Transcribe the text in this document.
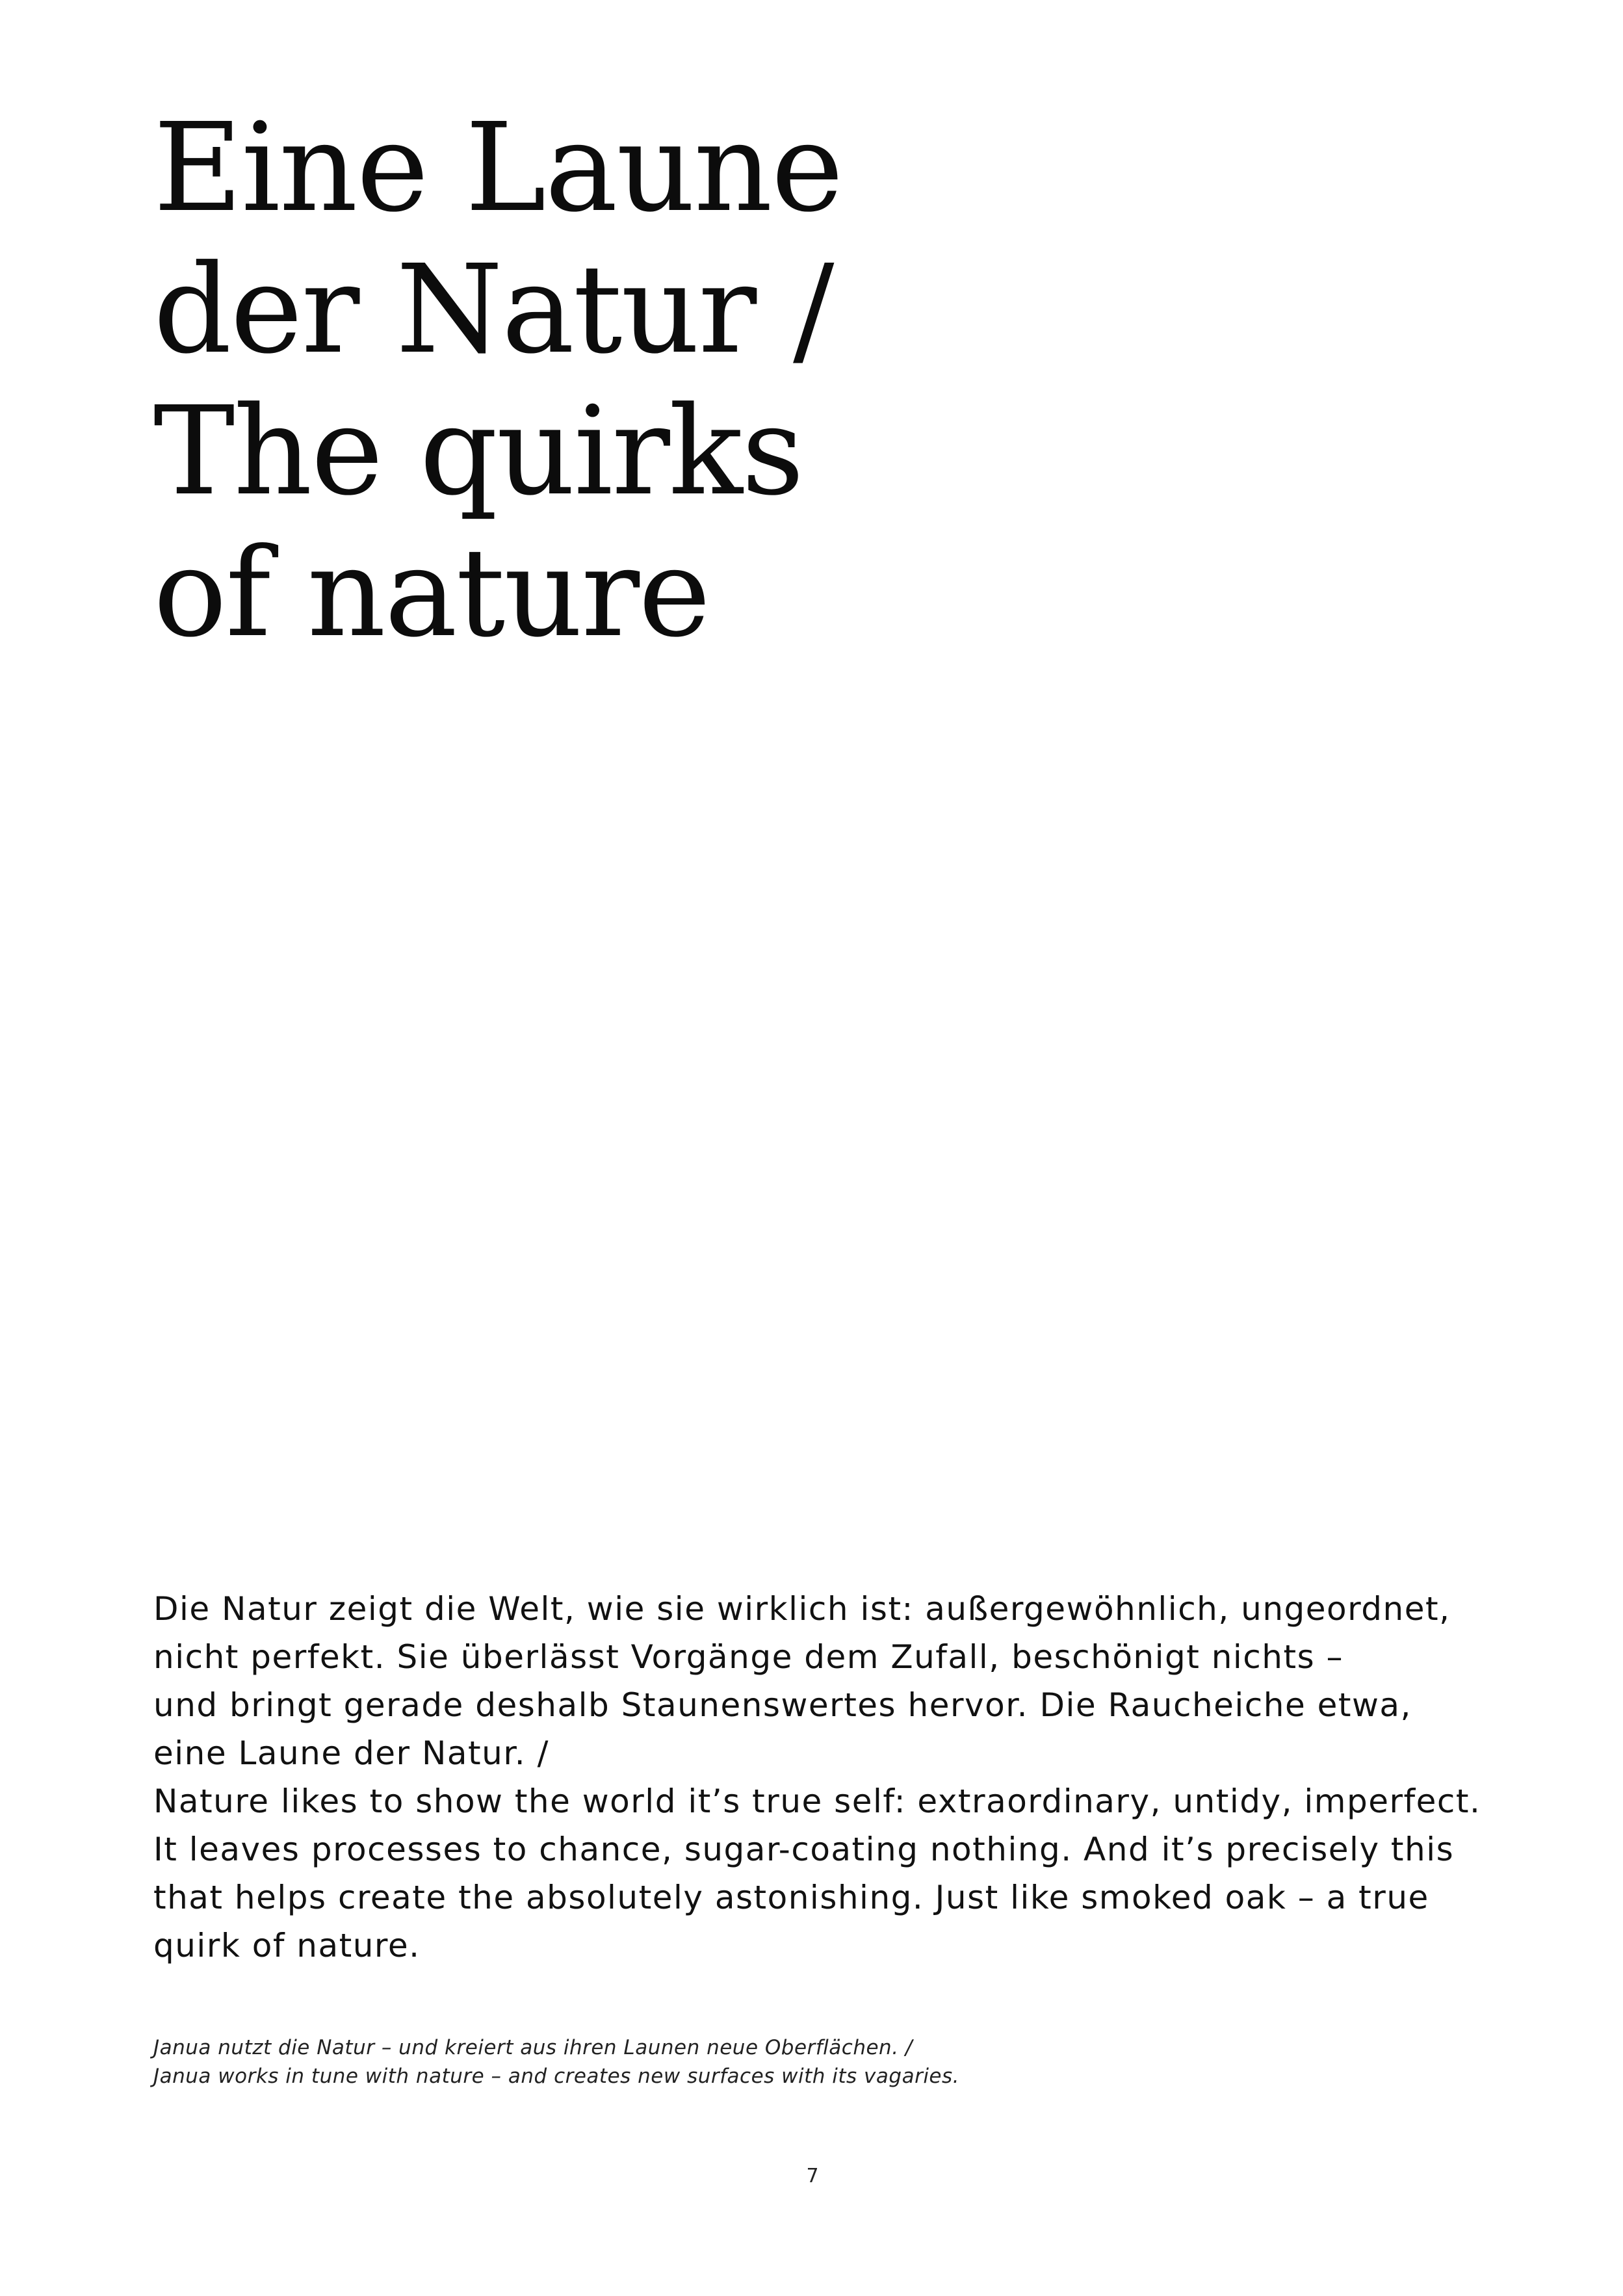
Eine Laune
der Natur /
The quirks
of nature

Die Natur zeigt die Welt, wie sie wirklich ist: außergewöhnlich, ungeordnet,
nicht perfekt. Sie überlässt Vorgänge dem Zufall, beschönigt nichts –
und bringt gerade deshalb Staunenswertes hervor. Die Raucheiche etwa,
eine Laune der Natur. /
Nature likes to show the world it’s true self: extraordinary, untidy, imperfect.
It leaves processes to chance, sugar-coating nothing. And it’s precisely this
that helps create the absolutely astonishing. Just like smoked oak – a true
quirk of nature.

Janua nutzt die Natur – und kreiert aus ihren Launen neue Oberflächen. /
Janua works in tune with nature – and creates new surfaces with its vagaries.

7
